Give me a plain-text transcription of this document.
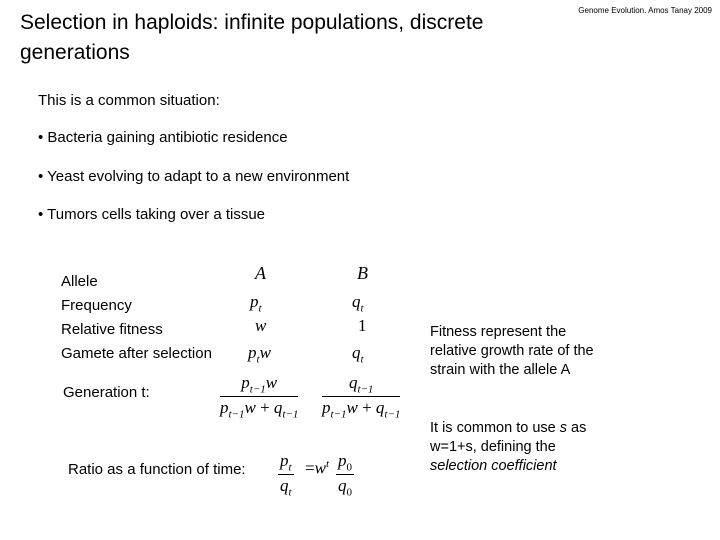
Selection in haploids: infinite populations, discrete generations
Genome Evolution. Amos Tanay 2009
This is a common situation:
• Bacteria gaining antibiotic residence
• Yeast evolving to adapt to a new environment
• Tumors cells taking over a tissue
Allele
Frequency
Relative fitness
Gamete after selection
A
$p_t$
w
$p_tw$
B
$q_t$
1
$q_t$
Generation t:
$p_{t-1}w$
$p_{t-1}w + q_{t-1}$
$q_{t-1}$
$p_{t-1}w + q_{t-1}$
Ratio as a function of time: $p_t$
$q_t$
$=w^t$ $p_0$
$q_0$
Fitness represent the relative growth rate of the strain with the allele A
It is common to use s as w=1+s, defining the selection coefficient
